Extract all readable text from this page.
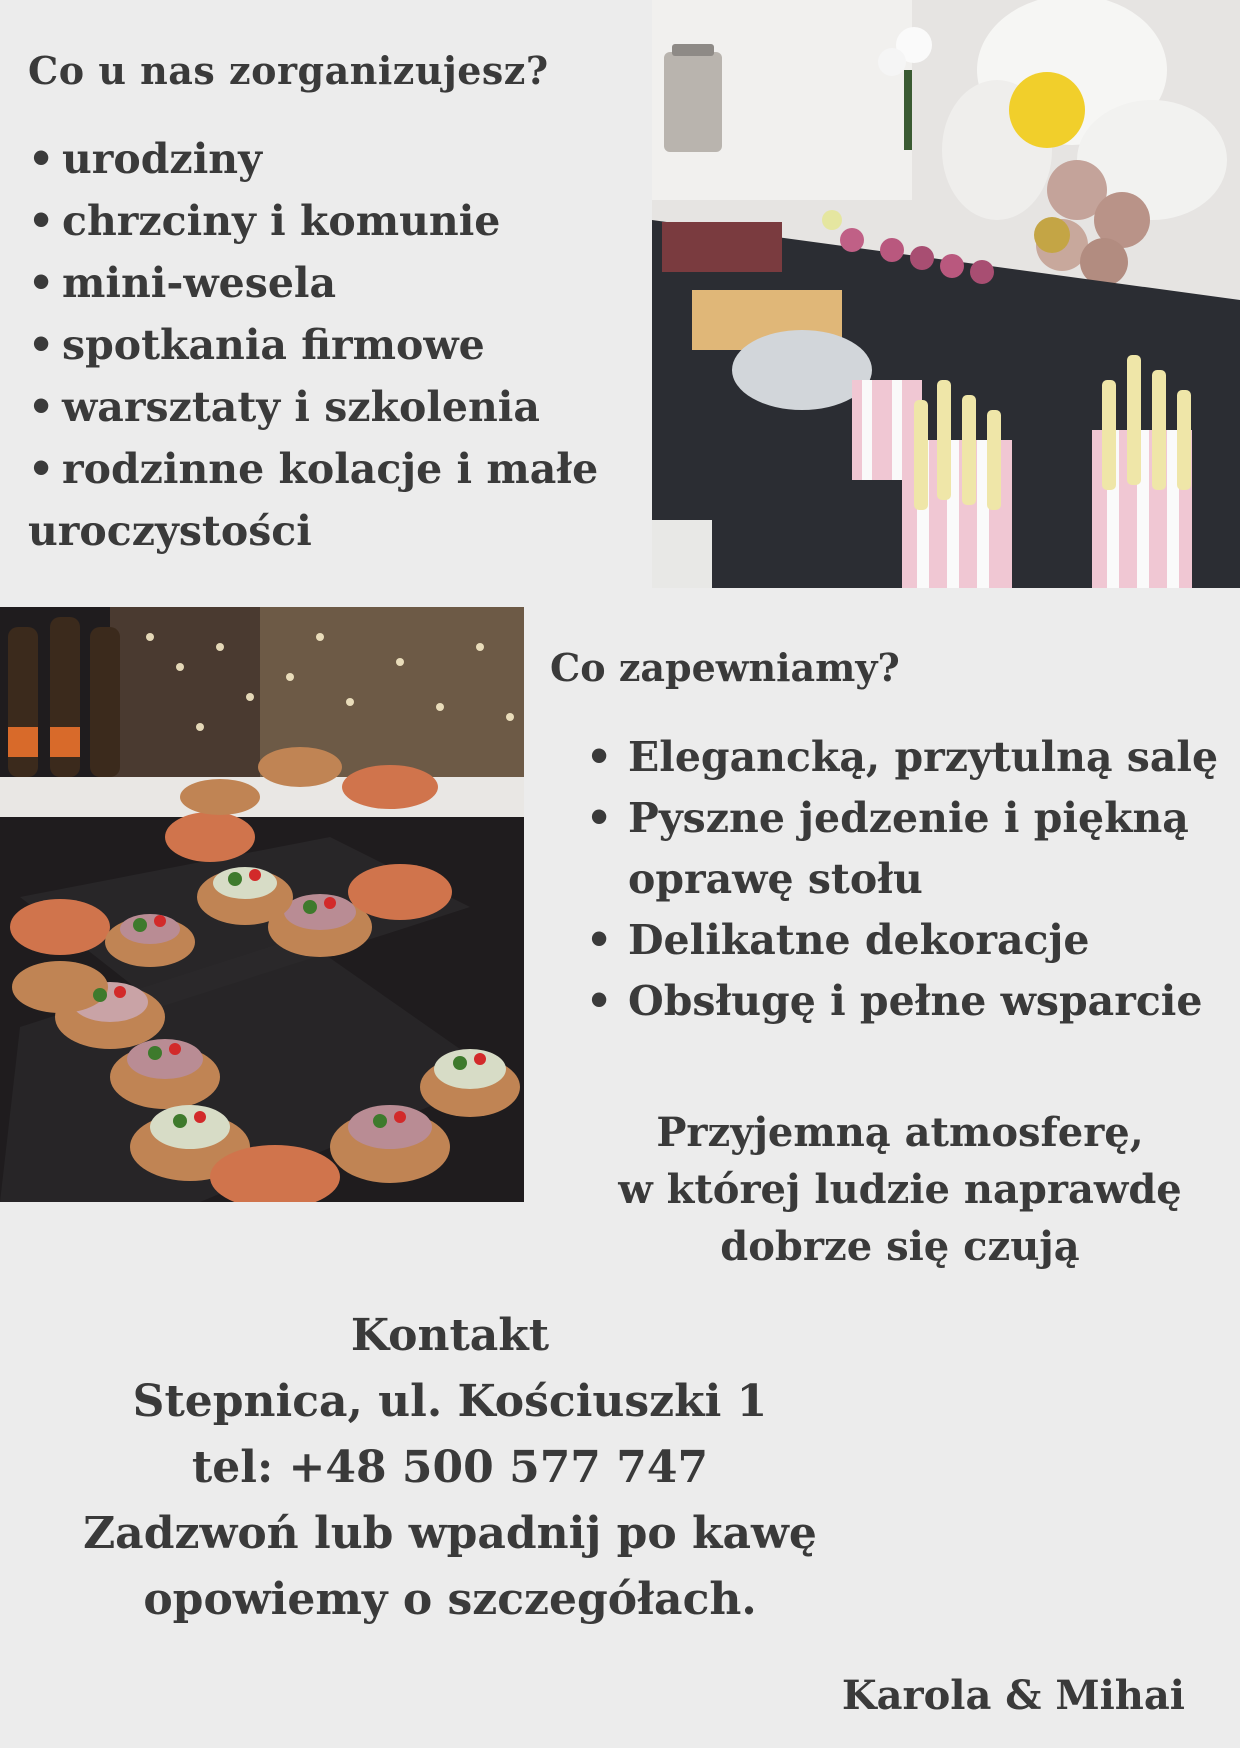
Co u nas zorganizujesz?
• urodziny
• chrzciny i komunie
• mini-wesela
• spotkania firmowe
• warsztaty i szkolenia
• rodzinne kolacje i małe uroczystości
Co zapewniamy?
• Elegancką, przytulną salę
• Pyszne jedzenie i piękną oprawę stołu
• Delikatne dekoracje
• Obsługę i pełne wsparcie
Przyjemną atmosferę,
w której ludzie naprawdę
dobrze się czują
Kontakt
Stepnica, ul. Kościuszki 1
tel: +48 500 577 747
Zadzwoń lub wpadnij po kawę
opowiemy o szczegółach.
Karola & Mihai
